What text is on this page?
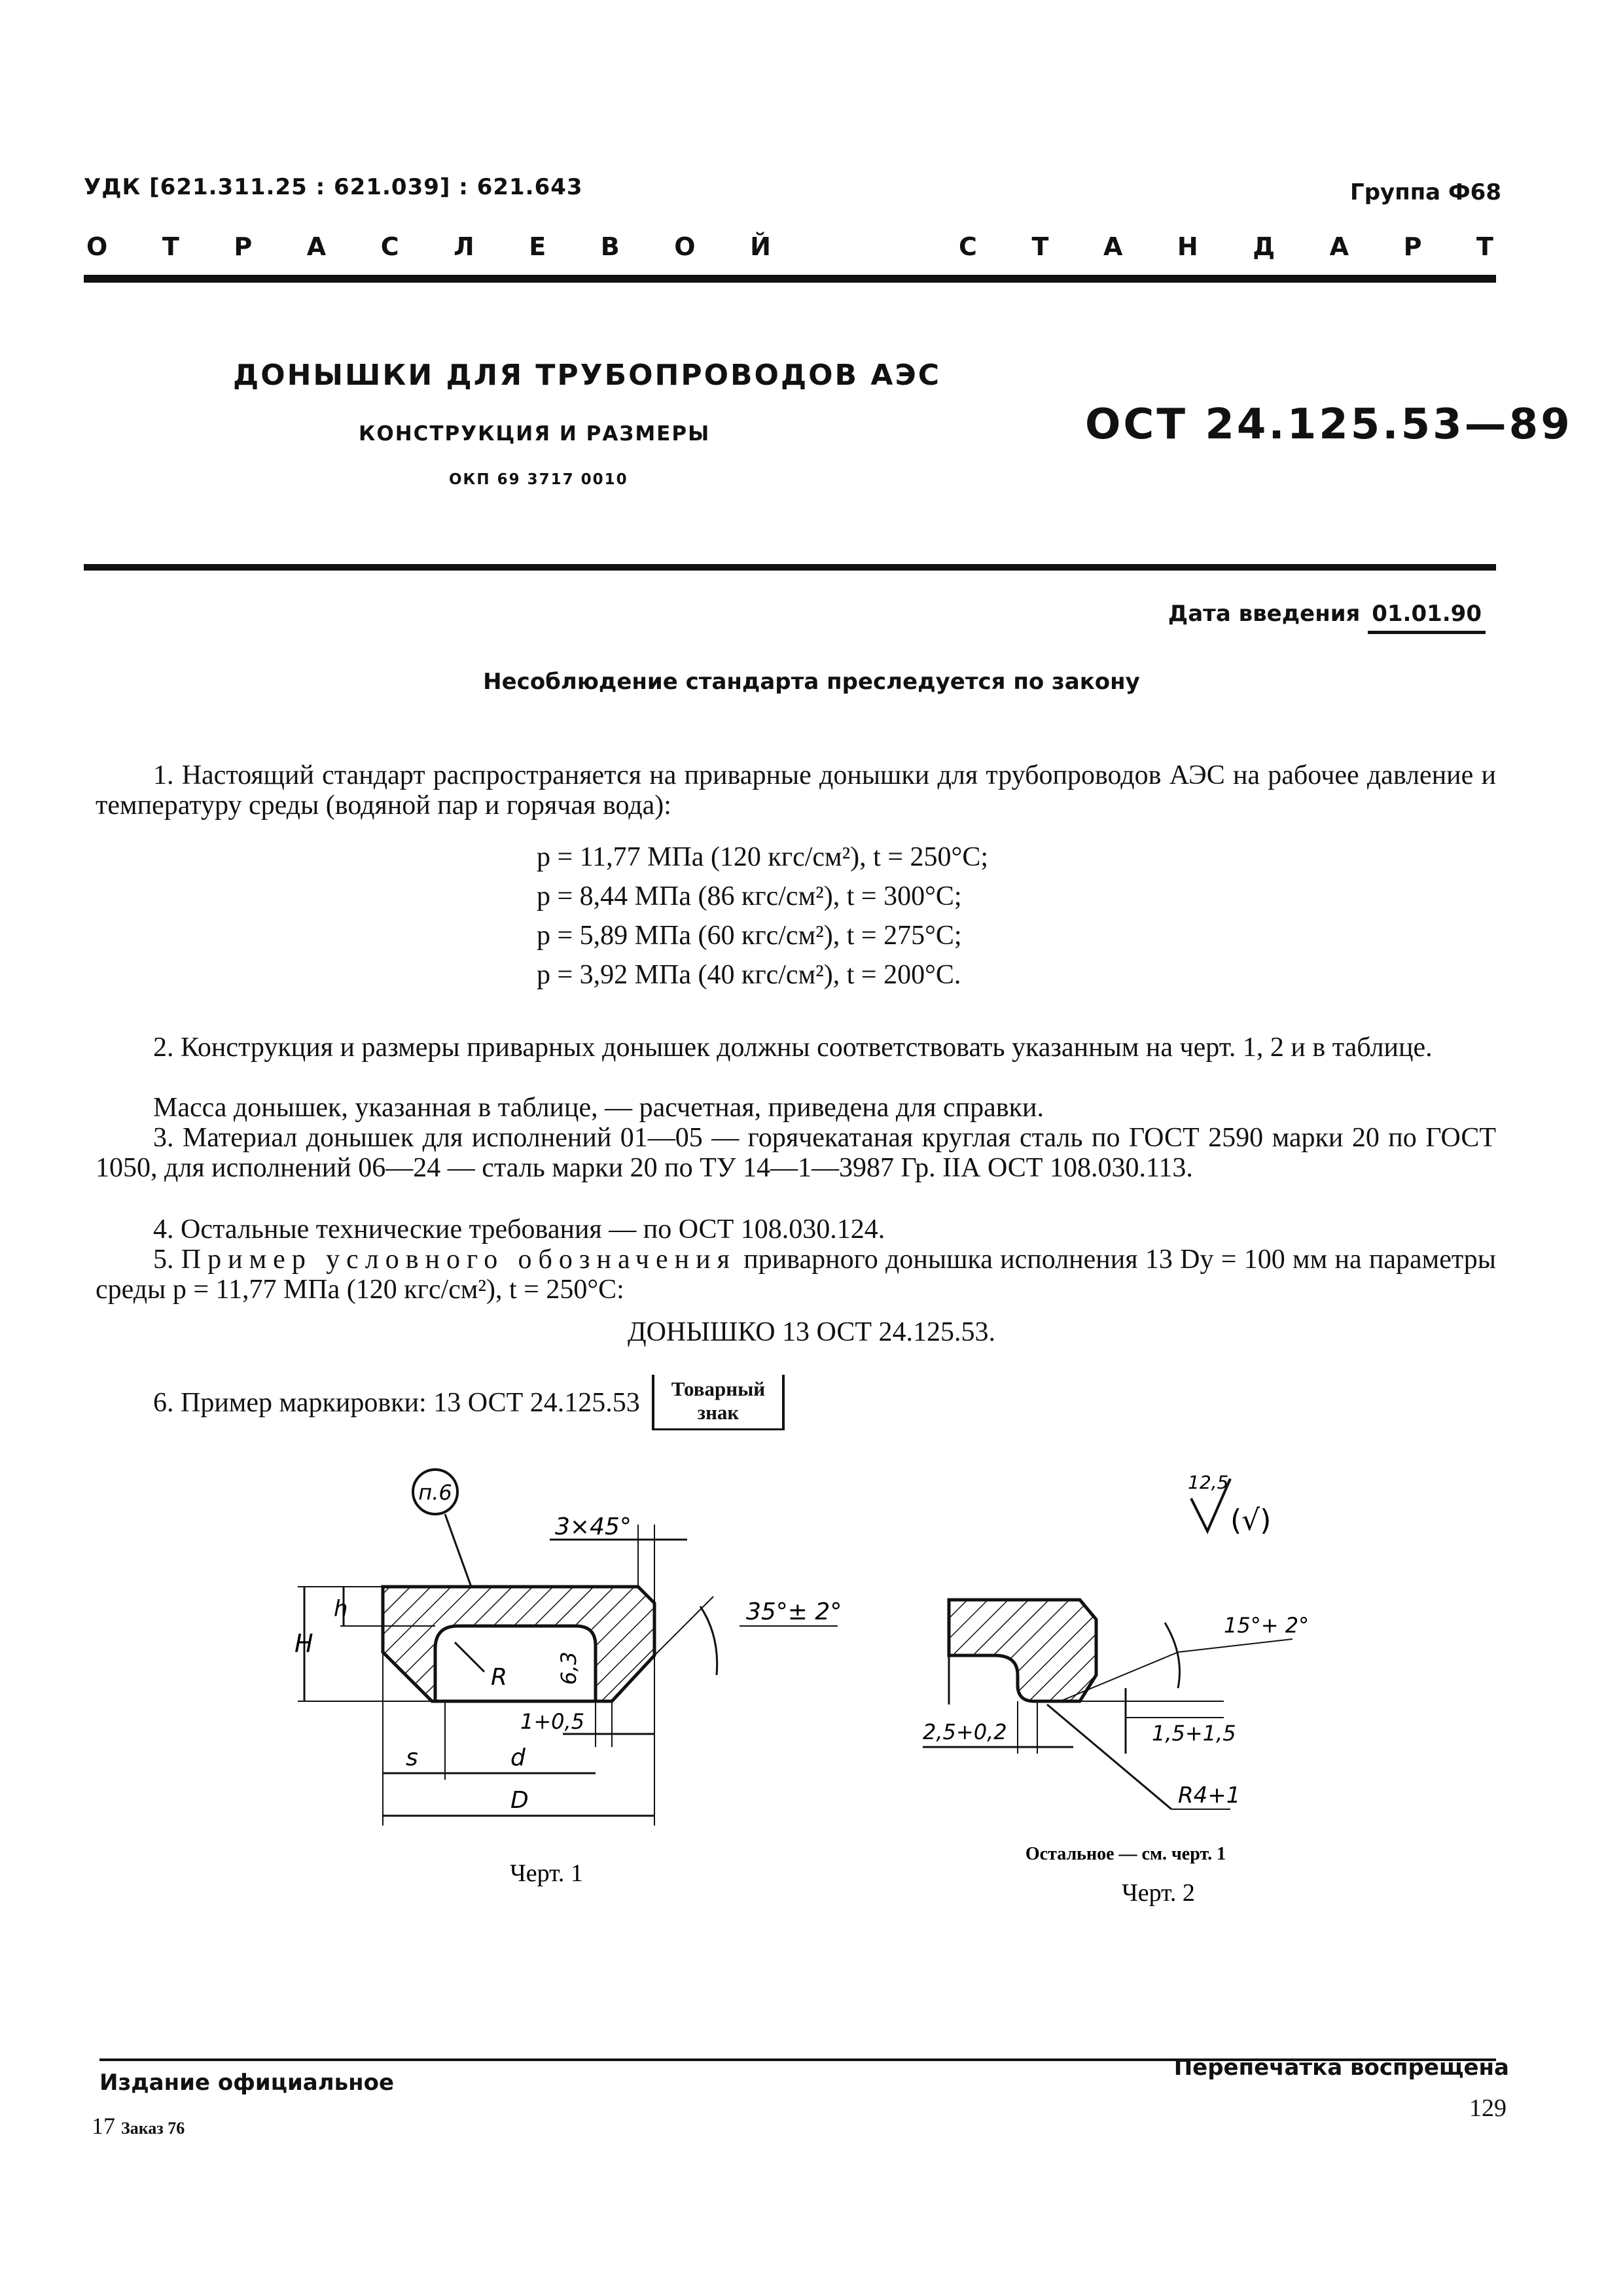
УДК [621.311.25 : 621.039] : 621.643	Группа Ф68
О Т Р А С Л Е В О Й	С Т А Н Д А Р Т
ДОНЫШКИ ДЛЯ ТРУБОПРОВОДОВ АЭС
КОНСТРУКЦИЯ И РАЗМЕРЫ
ОКП 69 3717 0010
ОСТ 24.125.53—89
Дата введения 01.01.90
Несоблюдение стандарта преследуется по закону
1. Настоящий стандарт распространяется на приварные донышки для трубопроводов АЭС на рабочее давление и температуру среды (водяной пар и горячая вода):
p = 11,77 МПа (120 кгс/см²), t = 250°С;
p = 8,44 МПа (86 кгс/см²), t = 300°С;
p = 5,89 МПа (60 кгс/см²), t = 275°С;
p = 3,92 МПа (40 кгс/см²), t = 200°С.
2. Конструкция и размеры приварных донышек должны соответствовать указанным на черт. 1, 2 и в таблице.
Масса донышек, указанная в таблице, — расчетная, приведена для справки.
3. Материал донышек для исполнений 01—05 — горячекатаная круглая сталь по ГОСТ 2590 марки 20 по ГОСТ 1050, для исполнений 06—24 — сталь марки 20 по ТУ 14—1—3987 Гр. IIА ОСТ 108.030.113.
4. Остальные технические требования — по ОСТ 108.030.124.
5. Пример условного обозначения приварного донышка исполнения 13 Dу = 100 мм на параметры среды p = 11,77 МПа (120 кгс/см²), t = 250°С:
ДОНЫШКО 13 ОСТ 24.125.53.
6. Пример маркировки: 13 ОСТ 24.125.53 Товарный
знак
п.6
3×45°
35°± 2°
H
h
R 6,3
1+0,5
s	d
D
Черт. 1
12,5
(√)
15°+ 2°
2,5+0,2	1,5+1,5
R4+1
Остальное — см. черт. 1
Черт. 2
Издание официальное
Перепечатка воспрещена
129
17 Заказ 76
